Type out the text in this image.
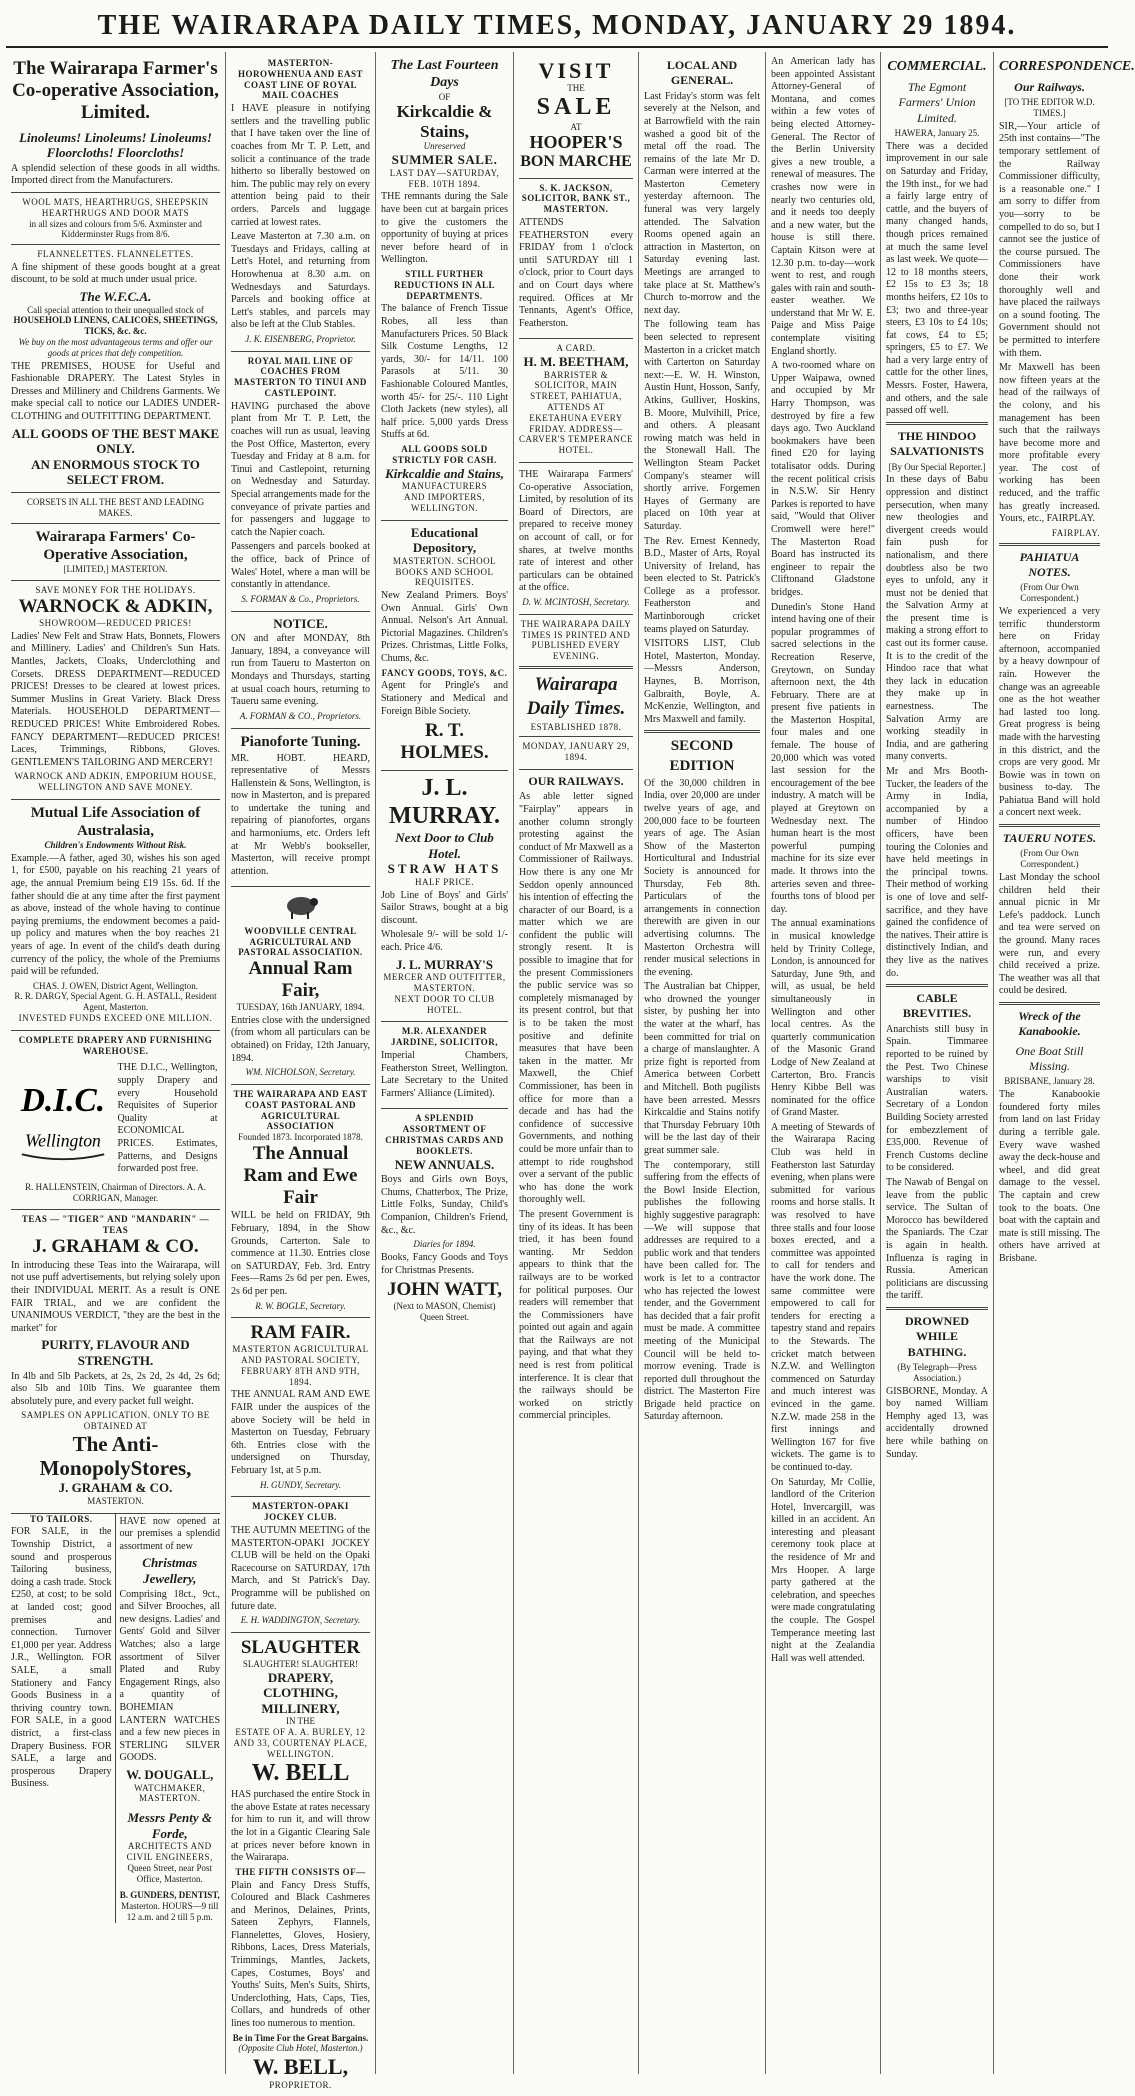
THE WAIRARAPA DAILY TIMES, MONDAY, JANUARY 29 1894.
The Wairarapa Farmer's Co-operative Association, Limited.
Linoleums! Linoleums! Linoleums!
Floorcloths! Floorcloths!
A splendid selection of these goods in all widths. Imported direct from the Manufacturers.
WOOL MATS, HEARTHRUGS, SHEEPSKIN HEARTHRUGS AND DOOR MATS
in all sizes and colours from 5/6. Axminster and Kidderminster Rugs from 8/6.
FLANNELETTES. FLANNELETTES.
A fine shipment of these goods bought at a great discount, to be sold at much under usual price.
The W.F.C.A.
Call special attention to their unequalled stock of
HOUSEHOLD LINENS, CALICOES, SHEETINGS, TICKS, &c. &c.
We buy on the most advantageous terms and offer our goods at prices that defy competition.
THE PREMISES, HOUSE for Useful and Fashionable DRAPERY. The Latest Styles in Dresses and Millinery and Childrens Garments. We make special call to notice our LADIES UNDER-CLOTHING and OUTFITTING DEPARTMENT.
ALL GOODS OF THE BEST MAKE ONLY.
AN ENORMOUS STOCK TO SELECT FROM.
CORSETS IN ALL THE BEST AND LEADING MAKES.
Wairarapa Farmers' Co-Operative Association,
[LIMITED,] MASTERTON.
SAVE MONEY FOR THE HOLIDAYS.
WARNOCK & ADKIN,
SHOWROOM—REDUCED PRICES!
Ladies' New Felt and Straw Hats, Bonnets, Flowers and Millinery. Ladies' and Children's Sun Hats. Mantles, Jackets, Cloaks, Underclothing and Corsets. DRESS DEPARTMENT—REDUCED PRICES! Dresses to be cleared at lowest prices. Summer Muslins in Great Variety. Black Dress Materials. HOUSEHOLD DEPARTMENT—REDUCED PRICES! White Embroidered Robes. FANCY DEPARTMENT—REDUCED PRICES! Laces, Trimmings, Ribbons, Gloves. GENTLEMEN'S TAILORING AND MERCERY!
WARNOCK AND ADKIN, EMPORIUM HOUSE, WELLINGTON AND SAVE MONEY.
Mutual Life Association of Australasia,
Children's Endowments Without Risk.
Example.—A father, aged 30, wishes his son aged 1, for £500, payable on his reaching 21 years of age, the annual Premium being £19 15s. 6d. If the father should die at any time after the first payment as above, instead of the whole having to continue paying premiums, the endowment becomes a paid-up policy and matures when the boy reaches 21 years of age. In event of the child's death during currency of the policy, the whole of the Premiums paid will be refunded.
CHAS. J. OWEN, District Agent, Wellington.
R. R. DARGY, Special Agent. G. H. ASTALL, Resident Agent, Masterton.
INVESTED FUNDS EXCEED ONE MILLION.
COMPLETE DRAPERY AND FURNISHING WAREHOUSE.
D.I.C.
Wellington
THE D.I.C., Wellington, supply Drapery and every Household Requisites of Superior Quality at ECONOMICAL PRICES. Estimates, Patterns, and Designs forwarded post free.
R. HALLENSTEIN, Chairman of Directors. A. A. CORRIGAN, Manager.
TEAS — "TIGER" AND "MANDARIN" — TEAS
J. GRAHAM & CO.
In introducing these Teas into the Wairarapa, will not use puff advertisements, but relying solely upon their INDIVIDUAL MERIT. As a result is ONE FAIR TRIAL, and we are confident the UNANIMOUS VERDICT, "they are the best in the market" for
PURITY, FLAVOUR AND STRENGTH.
In 4lb and 5lb Packets, at 2s, 2s 2d, 2s 4d, 2s 6d; also 5lb and 10lb Tins. We guarantee them absolutely pure, and every packet full weight.
SAMPLES ON APPLICATION. ONLY TO BE OBTAINED AT
The Anti-MonopolyStores,
J. GRAHAM & CO.
MASTERTON.
TO TAILORS.
FOR SALE, in the Township District, a sound and prosperous Tailoring business, doing a cash trade. Stock £250, at cost; to be sold at landed cost; good premises and connection. Turnover £1,000 per year. Address J.R., Wellington. FOR SALE, a small Stationery and Fancy Goods Business in a thriving country town. FOR SALE, in a good district, a first-class Drapery Business. FOR SALE, a large and prosperous Drapery Business.
HAVE now opened at our premises a splendid assortment of new
Christmas Jewellery,
Comprising 18ct., 9ct., and Silver Brooches, all new designs. Ladies' and Gents' Gold and Silver Watches; also a large assortment of Silver Plated and Ruby Engagement Rings, also a quantity of BOHEMIAN LANTERN WATCHES and a few new pieces in STERLING SILVER GOODS.
W. DOUGALL,
WATCHMAKER, MASTERTON.
Messrs Penty & Forde,
ARCHITECTS AND CIVIL ENGINEERS,
Queen Street, near Post Office, Masterton.
B. GUNDERS, DENTIST,
Masterton. HOURS—9 till 12 a.m. and 2 till 5 p.m.
MASTERTON-HOROWHENUA AND EAST COAST LINE OF ROYAL MAIL COACHES
I HAVE pleasure in notifying settlers and the travelling public that I have taken over the line of coaches from Mr T. P. Lett, and solicit a continuance of the trade hitherto so liberally bestowed on him. The public may rely on every attention being paid to their orders. Parcels and luggage carried at lowest rates.
Leave Masterton at 7.30 a.m. on Tuesdays and Fridays, calling at Lett's Hotel, and returning from Horowhenua at 8.30 a.m. on Wednesdays and Saturdays. Parcels and booking office at Lett's stables, and parcels may also be left at the Club Stables.
J. K. EISENBERG, Proprietor.
ROYAL MAIL LINE OF COACHES FROM MASTERTON TO TINUI AND CASTLEPOINT.
HAVING purchased the above plant from Mr T. P. Lett, the coaches will run as usual, leaving the Post Office, Masterton, every Tuesday and Friday at 8 a.m. for Tinui and Castlepoint, returning on Wednesday and Saturday. Special arrangements made for the conveyance of private parties and for passengers and luggage to catch the Napier coach.
Passengers and parcels booked at the office, back of Prince of Wales' Hotel, where a man will be constantly in attendance.
S. FORMAN & Co., Proprietors.
NOTICE.
ON and after MONDAY, 8th January, 1894, a conveyance will run from Taueru to Masterton on Mondays and Thursdays, starting at usual coach hours, returning to Taueru same evening.
A. FORMAN & CO., Proprietors.
Pianoforte Tuning.
MR. HOBT. HEARD, representative of Messrs Hallenstein & Sons, Wellington, is now in Masterton, and is prepared to undertake the tuning and repairing of pianofortes, organs and harmoniums, etc. Orders left at Mr Webb's bookseller, Masterton, will receive prompt attention.
WOODVILLE CENTRAL AGRICULTURAL AND PASTORAL ASSOCIATION.
Annual Ram Fair,
TUESDAY, 16th JANUARY, 1894.
Entries close with the undersigned (from whom all particulars can be obtained) on Friday, 12th January, 1894.
WM. NICHOLSON, Secretary.
THE WAIRARAPA AND EAST COAST PASTORAL AND AGRICULTURAL ASSOCIATION
Founded 1873. Incorporated 1878.
The Annual Ram and Ewe Fair
WILL be held on FRIDAY, 9th February, 1894, in the Show Grounds, Carterton. Sale to commence at 11.30. Entries close on SATURDAY, Feb. 3rd. Entry Fees—Rams 2s 6d per pen. Ewes, 2s 6d per pen.
R. W. BOGLE, Secretary.
RAM FAIR.
MASTERTON AGRICULTURAL AND PASTORAL SOCIETY, FEBRUARY 8TH AND 9TH, 1894.
THE ANNUAL RAM AND EWE FAIR under the auspices of the above Society will be held in Masterton on Tuesday, February 6th. Entries close with the undersigned on Thursday, February 1st, at 5 p.m.
H. GUNDY, Secretary.
MASTERTON-OPAKI JOCKEY CLUB.
THE AUTUMN MEETING of the MASTERTON-OPAKI JOCKEY CLUB will be held on the Opaki Racecourse on SATURDAY, 17th March, and St Patrick's Day. Programme will be published on future date.
E. H. WADDINGTON, Secretary.
SLAUGHTER
SLAUGHTER! SLAUGHTER!
DRAPERY, CLOTHING, MILLINERY,
IN THE
ESTATE OF A. A. BURLEY, 12 AND 33, COURTENAY PLACE, WELLINGTON.
W. BELL
HAS purchased the entire Stock in the above Estate at rates necessary for him to run it, and will throw the lot in a Gigantic Clearing Sale at prices never before known in the Wairarapa.
THE FIFTH CONSISTS OF—
Plain and Fancy Dress Stuffs, Coloured and Black Cashmeres and Merinos, Delaines, Prints, Sateen Zephyrs, Flannels, Flannelettes, Gloves, Hosiery, Ribbons, Laces, Dress Materials, Trimmings, Mantles, Jackets, Capes, Costumes, Boys' and Youths' Suits, Men's Suits, Shirts, Underclothing, Hats, Caps, Ties, Collars, and hundreds of other lines too numerous to mention.
Be in Time For the Great Bargains.
(Opposite Club Hotel, Masterton.)
W. BELL,
PROPRIETOR.
The Last Fourteen Days
OF
Kirkcaldie & Stains,
Unreserved
SUMMER SALE.
LAST DAY—SATURDAY, FEB. 10TH 1894.
THE remnants during the Sale have been cut at bargain prices to give the customers the opportunity of buying at prices never before heard of in Wellington.
STILL FURTHER REDUCTIONS IN ALL DEPARTMENTS.
The balance of French Tissue Robes, all less than Manufacturers Prices. 50 Black Silk Costume Lengths, 12 yards, 30/- for 14/11. 100 Parasols at 5/11. 30 Fashionable Coloured Mantles, worth 45/- for 25/-. 110 Light Cloth Jackets (new styles), all half price. 5,000 yards Dress Stuffs at 6d.
ALL GOODS SOLD STRICTLY FOR CASH.
Kirkcaldie and Stains,
MANUFACTURERS
AND IMPORTERS,
WELLINGTON.
Educational Depository,
MASTERTON. SCHOOL BOOKS AND SCHOOL REQUISITES.
New Zealand Primers. Boys' Own Annual. Girls' Own Annual. Nelson's Art Annual. Pictorial Magazines. Children's Prizes. Christmas, Little Folks, Chums, &c.
FANCY GOODS, TOYS, &C.
Agent for Pringle's and Stationery and Medical and Foreign Bible Society.
R. T. HOLMES.
J. L. MURRAY.
Next Door to Club Hotel.
STRAW HATS
HALF PRICE.
Job Line of Boys' and Girls' Sailor Straws, bought at a big discount.
Wholesale 9/- will be sold 1/- each. Price 4/6.
J. L. MURRAY'S
MERCER AND OUTFITTER, MASTERTON.
NEXT DOOR TO CLUB HOTEL.
M.R. ALEXANDER JARDINE, SOLICITOR,
Imperial Chambers, Featherston Street, Wellington. Late Secretary to the United Farmers' Alliance (Limited).
A SPLENDID ASSORTMENT OF CHRISTMAS CARDS AND BOOKLETS.
NEW ANNUALS.
Boys and Girls own Boys, Chums, Chatterbox, The Prize, Little Folks, Sunday, Child's Companion, Children's Friend, &c., &c.
Diaries for 1894.
Books, Fancy Goods and Toys for Christmas Presents.
JOHN WATT,
(Next to MASON, Chemist) Queen Street.
VISIT
THE
SALE
AT
HOOPER'S
BON MARCHE
S. K. JACKSON, SOLICITOR, BANK ST., MASTERTON.
ATTENDS FEATHERSTON every FRIDAY from 1 o'clock until SATURDAY till 1 o'clock, prior to Court days and on Court days where required. Offices at Mr Tennants, Agent's Office, Featherston.
A CARD.
H. M. BEETHAM,
BARRISTER & SOLICITOR, MAIN STREET, PAHIATUA, ATTENDS AT EKETAHUNA EVERY FRIDAY. ADDRESS—CARVER'S TEMPERANCE HOTEL.
THE Wairarapa Farmers' Co-operative Association, Limited, by resolution of its Board of Directors, are prepared to receive money on account of call, or for shares, at twelve months rate of interest and other particulars can be obtained at the office.
D. W. MCINTOSH, Secretary.
THE WAIRARAPA DAILY TIMES IS PRINTED AND PUBLISHED EVERY EVENING.
Wairarapa Daily Times.
ESTABLISHED 1878.
MONDAY, JANUARY 29, 1894.
OUR RAILWAYS.
As able letter signed "Fairplay" appears in another column strongly protesting against the conduct of Mr Maxwell as a Commissioner of Railways. How there is any one Mr Seddon openly announced his intention of effecting the character of our Board, is a matter which we are confident the public will strongly resent. It is possible to imagine that for the present Commissioners the public service was so completely mismanaged by its present control, but that is to be taken the most positive and definite measures that have been taken in the matter. Mr Maxwell, the Chief Commissioner, has been in office for more than a decade and has had the confidence of successive Governments, and nothing could be more unfair than to attempt to ride roughshod over a servant of the public who has done the work thoroughly well.
The present Government is tiny of its ideas. It has been tried, it has been found wanting. Mr Seddon appears to think that the railways are to be worked for political purposes. Our readers will remember that the Commissioners have pointed out again and again that the Railways are not paying, and that what they need is rest from political interference. It is clear that the railways should be worked on strictly commercial principles.
LOCAL AND GENERAL.
Last Friday's storm was felt severely at the Nelson, and at Barrowfield with the rain washed a good bit of the metal off the road. The remains of the late Mr D. Carman were interred at the Masterton Cemetery yesterday afternoon. The funeral was very largely attended. The Salvation Rooms opened again an attraction in Masterton, on Saturday evening last. Meetings are arranged to take place at St. Matthew's Church to-morrow and the next day.
The following team has been selected to represent Masterton in a cricket match with Carterton on Saturday next:—E. W. H. Winston, Austin Hunt, Hosson, Sanfy, Atkins, Gulliver, Hoskins, B. Moore, Mulvihill, Price, and others. A pleasant rowing match was held in the Stonewall Hall. The Wellington Steam Packet Company's steamer will shortly arrive. Forgemen Hayes of Germany are placed on 10th year at Saturday.
The Rev. Ernest Kennedy, B.D., Master of Arts, Royal University of Ireland, has been elected to St. Patrick's College as a professor. Featherston and Martinborough cricket teams played on Saturday.
VISITORS LIST, Club Hotel, Masterton, Monday.—Messrs Anderson, Haynes, B. Morrison, Galbraith, Boyle, A. McKenzie, Wellington, and Mrs Maxwell and family.
SECOND EDITION
Of the 30,000 children in India, over 20,000 are under twelve years of age, and 200,000 face to be fourteen years of age. The Asian Show of the Masterton Horticultural and Industrial Society is announced for Thursday, Feb 8th. Particulars of the arrangements in connection therewith are given in our advertising columns. The Masterton Orchestra will render musical selections in the evening.
The Australian bat Chipper, who drowned the younger sister, by pushing her into the water at the wharf, has been committed for trial on a charge of manslaughter. A prize fight is reported from America between Corbett and Mitchell. Both pugilists have been arrested. Messrs Kirkcaldie and Stains notify that Thursday February 10th will be the last day of their great summer sale.
The contemporary, still suffering from the effects of the Bowl Inside Election, publishes the following highly suggestive paragraph:—We will suppose that addresses are required to a public work and that tenders have been called for. The work is let to a contractor who has rejected the lowest tender, and the Government has decided that a fair profit must be made. A committee meeting of the Municipal Council will be held to-morrow evening. Trade is reported dull throughout the district. The Masterton Fire Brigade held practice on Saturday afternoon.
An American lady has been appointed Assistant Attorney-General of Montana, and comes within a few votes of being elected Attorney-General. The Rector of the Berlin University gives a new trouble, a renewal of measures. The crashes now were in nearly two centuries old, and it needs too deeply and a new water, but the house is still there. Captain Kitson were at 12.30 p.m. to-day—work went to rest, and rough gales with rain and south-easter weather. We understand that Mr W. E. Paige and Miss Paige contemplate visiting England shortly.
A two-roomed whare on Upper Waipawa, owned and occupied by Mr Harry Thompson, was destroyed by fire a few days ago. Two Auckland bookmakers have been fined £20 for laying totalisator odds. During the recent political crisis in N.S.W. Sir Henry Parkes is reported to have said, "Would that Oliver Cromwell were here!" The Masterton Road Board has instructed its engineer to repair the Cliftonand Gladstone bridges.
Dunedin's Stone Hand intend having one of their popular programmes of sacred selections in the Recreation Reserve, Greytown, on Sunday afternoon next, the 4th February. There are at present five patients in the Masterton Hospital, four males and one female. The house of 20,000 which was voted last session for the encouragement of the bee industry. A match will be played at Greytown on Wednesday next. The human heart is the most powerful pumping machine for its size ever made. It throws into the arteries seven and three-fourths tons of blood per day.
The annual examinations in musical knowledge held by Trinity College, London, is announced for Saturday, June 9th, and will, as usual, be held simultaneously in Wellington and other local centres. As the quarterly communication of the Masonic Grand Lodge of New Zealand at Carterton, Bro. Francis Henry Kibbe Bell was nominated for the office of Grand Master.
A meeting of Stewards of the Wairarapa Racing Club was held in Featherston last Saturday evening, when plans were submitted for various rooms and horse stalls. It was resolved to have three stalls and four loose boxes erected, and a committee was appointed to call for tenders and have the work done. The same committee were empowered to call for tenders for erecting a tapestry stand and repairs to the Stewards. The cricket match between N.Z.W. and Wellington commenced on Saturday and much interest was evinced in the game. N.Z.W. made 258 in the first innings and Wellington 167 for five wickets. The game is to be continued to-day.
On Saturday, Mr Collie, landlord of the Criterion Hotel, Invercargill, was killed in an accident. An interesting and pleasant ceremony took place at the residence of Mr and Mrs Hooper. A large party gathered at the celebration, and speeches were made congratulating the couple. The Gospel Temperance meeting last night at the Zealandia Hall was well attended.
COMMERCIAL.
The Egmont Farmers' Union Limited.
HAWERA, January 25.
There was a decided improvement in our sale on Saturday and Friday, the 19th inst., for we had a fairly large entry of cattle, and the buyers of many changed hands, though prices remained at much the same level as last week. We quote—12 to 18 months steers, £2 15s to £3 3s; 18 months heifers, £2 10s to £3; two and three-year steers, £3 10s to £4 10s; fat cows, £4 to £5; springers, £5 to £7. We had a very large entry of cattle for the other lines, Messrs. Foster, Hawera, and others, and the sale passed off well.
THE HINDOO SALVATIONISTS
[By Our Special Reporter.]
In these days of Babu oppression and distinct persecution, when many new theologies and divergent creeds would fain push for nationalism, and there doubtless also be two eyes to unfold, any it must not be denied that the Salvation Army at the present time is making a strong effort to cast out its former cause. It is to the credit of the Hindoo race that what they lack in education they make up in earnestness. The Salvation Army are working steadily in India, and are gathering many converts.
Mr and Mrs Booth-Tucker, the leaders of the Army in India, accompanied by a number of Hindoo officers, have been touring the Colonies and have held meetings in the principal towns. Their method of working is one of love and self-sacrifice, and they have gained the confidence of the natives. Their attire is distinctively Indian, and they live as the natives do.
CABLE BREVITIES.
Anarchists still busy in Spain. Timmaree reported to be ruined by the Pest. Two Chinese warships to visit Australian waters. Secretary of a London Building Society arrested for embezzlement of £35,000. Revenue of French Customs decline to be considered.
The Nawab of Bengal on leave from the public service. The Sultan of Morocco has bewildered the Spaniards. The Czar is again in health. Influenza is raging in Russia. American politicians are discussing the tariff.
DROWNED WHILE BATHING.
(By Telegraph—Press Association.)
GISBORNE, Monday. A boy named William Hemphy aged 13, was accidentally drowned here while bathing on Sunday.
CORRESPONDENCE.
Our Railways.
[TO THE EDITOR W.D. TIMES.]
SIR,—Your article of 25th inst contains—"The temporary settlement of the Railway Commissioner difficulty, is a reasonable one." I am sorry to differ from you—sorry to be compelled to do so, but I cannot see the justice of the course pursued. The Commissioners have done their work thoroughly well and have placed the railways on a sound footing. The Government should not be permitted to interfere with them.
Mr Maxwell has been now fifteen years at the head of the railways of the colony, and his management has been such that the railways have become more and more profitable every year. The cost of working has been reduced, and the traffic has greatly increased. Yours, etc., FAIRPLAY.
FAIRPLAY.
PAHIATUA NOTES.
(From Our Own Correspondent.)
We experienced a very terrific thunderstorm here on Friday afternoon, accompanied by a heavy downpour of rain. However the change was an agreeable one as the hot weather had lasted too long. Great progress is being made with the harvesting in this district, and the crops are very good. Mr Bowie was in town on business to-day. The Pahiatua Band will hold a concert next week.
TAUERU NOTES.
(From Our Own Correspondent.)
Last Monday the school children held their annual picnic in Mr Lefe's paddock. Lunch and tea were served on the ground. Many races were run, and every child received a prize. The weather was all that could be desired.
Wreck of the Kanabookie.
One Boat Still Missing.
BRISBANE, January 28.
The Kanabookie foundered forty miles from land on last Friday during a terrible gale. Every wave washed away the deck-house and wheel, and did great damage to the vessel. The captain and crew took to the boats. One boat with the captain and mate is still missing. The others have arrived at Brisbane.
